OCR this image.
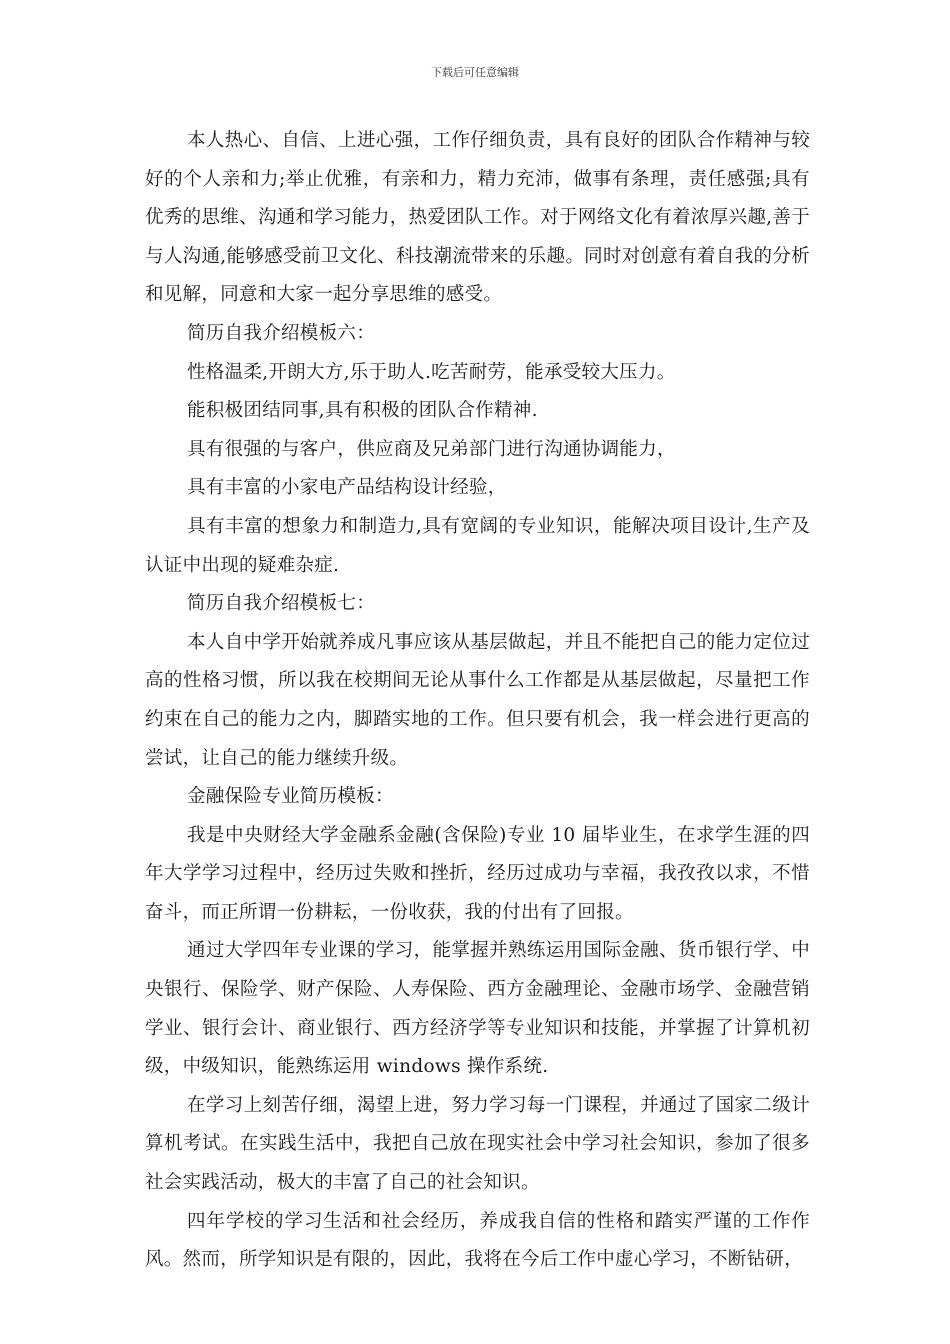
下载后可任意编辑

本人热心、自信、上进心强，工作仔细负责，具有良好的团队合作精神与较好的个人亲和力;举止优雅，有亲和力，精力充沛，做事有条理，责任感强;具有优秀的思维、沟通和学习能力，热爱团队工作。对于网络文化有着浓厚兴趣,善于与人沟通,能够感受前卫文化、科技潮流带来的乐趣。同时对创意有着自我的分析和见解，同意和大家一起分享思维的感受。

简历自我介绍模板六：

性格温柔,开朗大方,乐于助人.吃苦耐劳，能承受较大压力。

能积极团结同事,具有积极的团队合作精神.

具有很强的与客户，供应商及兄弟部门进行沟通协调能力，

具有丰富的小家电产品结构设计经验，

具有丰富的想象力和制造力,具有宽阔的专业知识，能解决项目设计,生产及认证中出现的疑难杂症.

简历自我介绍模板七：

本人自中学开始就养成凡事应该从基层做起，并且不能把自己的能力定位过高的性格习惯，所以我在校期间无论从事什么工作都是从基层做起，尽量把工作约束在自己的能力之内，脚踏实地的工作。但只要有机会，我一样会进行更高的尝试，让自己的能力继续升级。

金融保险专业简历模板：

我是中央财经大学金融系金融(含保险)专业 10 届毕业生，在求学生涯的四年大学学习过程中，经历过失败和挫折，经历过成功与幸福，我孜孜以求，不惜奋斗，而正所谓一份耕耘，一份收获，我的付出有了回报。

通过大学四年专业课的学习，能掌握并熟练运用国际金融、货币银行学、中央银行、保险学、财产保险、人寿保险、西方金融理论、金融市场学、金融营销学业、银行会计、商业银行、西方经济学等专业知识和技能，并掌握了计算机初级，中级知识，能熟练运用 windows 操作系统.

在学习上刻苦仔细，渴望上进，努力学习每一门课程，并通过了国家二级计算机考试。在实践生活中，我把自己放在现实社会中学习社会知识，参加了很多社会实践活动，极大的丰富了自己的社会知识。

四年学校的学习生活和社会经历，养成我自信的性格和踏实严谨的工作作风。然而，所学知识是有限的，因此，我将在今后工作中虚心学习，不断钻研，
